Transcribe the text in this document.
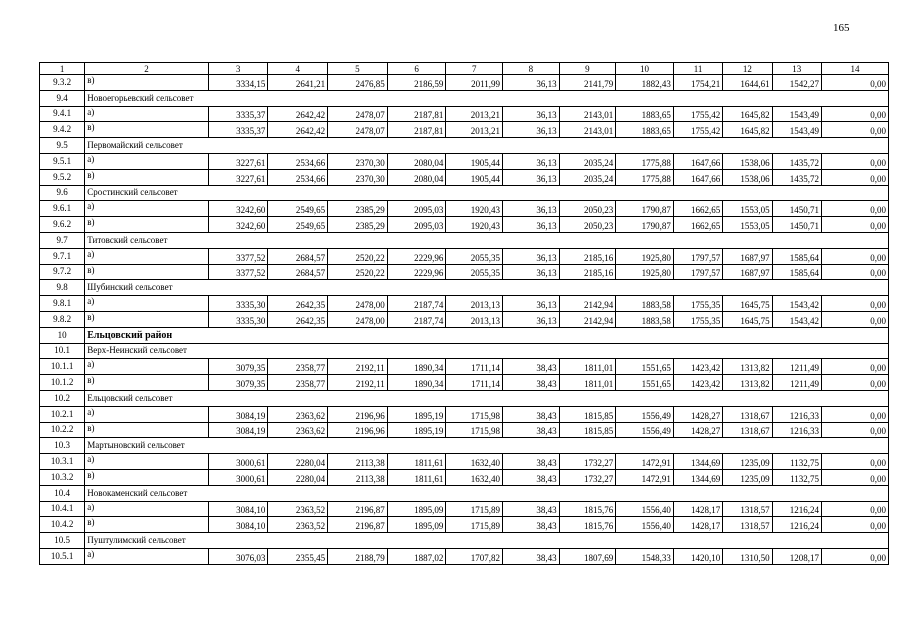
165
1	2	3	4	5	6	7	8	9	10	11	12	13	14
9.3.2	в)	3334,15	2641,21	2476,85	2186,59	2011,99	36,13	2141,79	1882,43	1754,21	1644,61	1542,27	0,00
9.4	Новоегорьевский сельсовет												
9.4.1	а)	3335,37	2642,42	2478,07	2187,81	2013,21	36,13	2143,01	1883,65	1755,42	1645,82	1543,49	0,00
9.4.2	в)	3335,37	2642,42	2478,07	2187,81	2013,21	36,13	2143,01	1883,65	1755,42	1645,82	1543,49	0,00
9.5	Первомайский сельсовет												
9.5.1	а)	3227,61	2534,66	2370,30	2080,04	1905,44	36,13	2035,24	1775,88	1647,66	1538,06	1435,72	0,00
9.5.2	в)	3227,61	2534,66	2370,30	2080,04	1905,44	36,13	2035,24	1775,88	1647,66	1538,06	1435,72	0,00
9.6	Сростинский сельсовет												
9.6.1	а)	3242,60	2549,65	2385,29	2095,03	1920,43	36,13	2050,23	1790,87	1662,65	1553,05	1450,71	0,00
9.6.2	в)	3242,60	2549,65	2385,29	2095,03	1920,43	36,13	2050,23	1790,87	1662,65	1553,05	1450,71	0,00
9.7	Титовский сельсовет												
9.7.1	а)	3377,52	2684,57	2520,22	2229,96	2055,35	36,13	2185,16	1925,80	1797,57	1687,97	1585,64	0,00
9.7.2	в)	3377,52	2684,57	2520,22	2229,96	2055,35	36,13	2185,16	1925,80	1797,57	1687,97	1585,64	0,00
9.8	Шубинский сельсовет												
9.8.1	а)	3335,30	2642,35	2478,00	2187,74	2013,13	36,13	2142,94	1883,58	1755,35	1645,75	1543,42	0,00
9.8.2	в)	3335,30	2642,35	2478,00	2187,74	2013,13	36,13	2142,94	1883,58	1755,35	1645,75	1543,42	0,00
10	Ельцовский район												
10.1	Верх-Неинский сельсовет												
10.1.1	а)	3079,35	2358,77	2192,11	1890,34	1711,14	38,43	1811,01	1551,65	1423,42	1313,82	1211,49	0,00
10.1.2	в)	3079,35	2358,77	2192,11	1890,34	1711,14	38,43	1811,01	1551,65	1423,42	1313,82	1211,49	0,00
10.2	Ельцовский сельсовет												
10.2.1	а)	3084,19	2363,62	2196,96	1895,19	1715,98	38,43	1815,85	1556,49	1428,27	1318,67	1216,33	0,00
10.2.2	в)	3084,19	2363,62	2196,96	1895,19	1715,98	38,43	1815,85	1556,49	1428,27	1318,67	1216,33	0,00
10.3	Мартыновский сельсовет												
10.3.1	а)	3000,61	2280,04	2113,38	1811,61	1632,40	38,43	1732,27	1472,91	1344,69	1235,09	1132,75	0,00
10.3.2	в)	3000,61	2280,04	2113,38	1811,61	1632,40	38,43	1732,27	1472,91	1344,69	1235,09	1132,75	0,00
10.4	Новокаменский сельсовет												
10.4.1	а)	3084,10	2363,52	2196,87	1895,09	1715,89	38,43	1815,76	1556,40	1428,17	1318,57	1216,24	0,00
10.4.2	в)	3084,10	2363,52	2196,87	1895,09	1715,89	38,43	1815,76	1556,40	1428,17	1318,57	1216,24	0,00
10.5	Пуштулимский сельсовет												
10.5.1	а)	3076,03	2355,45	2188,79	1887,02	1707,82	38,43	1807,69	1548,33	1420,10	1310,50	1208,17	0,00
